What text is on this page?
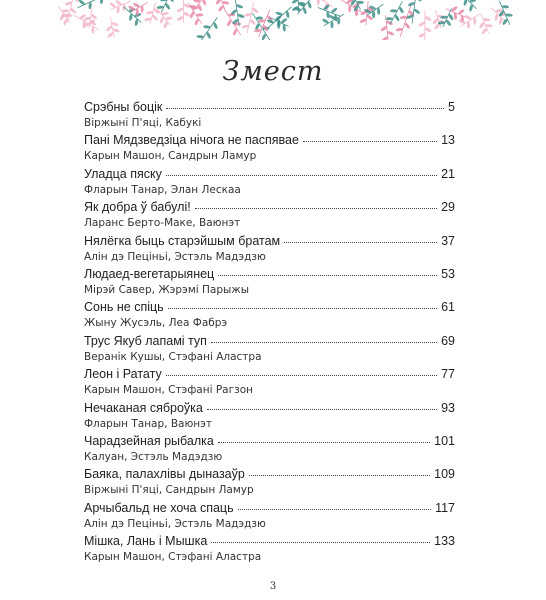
Змест
Срэбны боцік	5
Віржыні П'яці, Кабукі
Пані Мядзведзіца нічога не паспявае	13
Карын Машон, Сандрын Ламур
Уладца пяску	21
Флaрын Танар, Элан Лескаа
Як добра ў бабулі!	29
Ларанс Берто-Маке, Ваюнэт
Нялёгка быць старэйшым братам	37
Алін дэ Пеціньі, Эстэль Мадэдзю
Людаед-вегетарыянец	53
Мірэй Савер, Жэрэмі Парыжы
Сонь не спіць	61
Жыну Жусэль, Леа Фабрэ
Трус Якуб лапамі туп	69
Веранік Кушы, Стэфані Аластра
Леон і Ратату	77
Карын Машон, Стэфані Рагзон
Нечаканая сяброўка	93
Флaрын Танар, Ваюнэт
Чарадзейная рыбалка	101
Калуан, Эстэль Мадэдзю
Баяка, палахлівы дыназаўр	109
Віржыні П'яці, Сандрын Ламур
Арчыбальд не хоча спаць	117
Алін дэ Пеціньі, Эстэль Мадэдзю
Мішка, Лань і Мышка	133
Карын Машон, Стэфані Аластра
3
